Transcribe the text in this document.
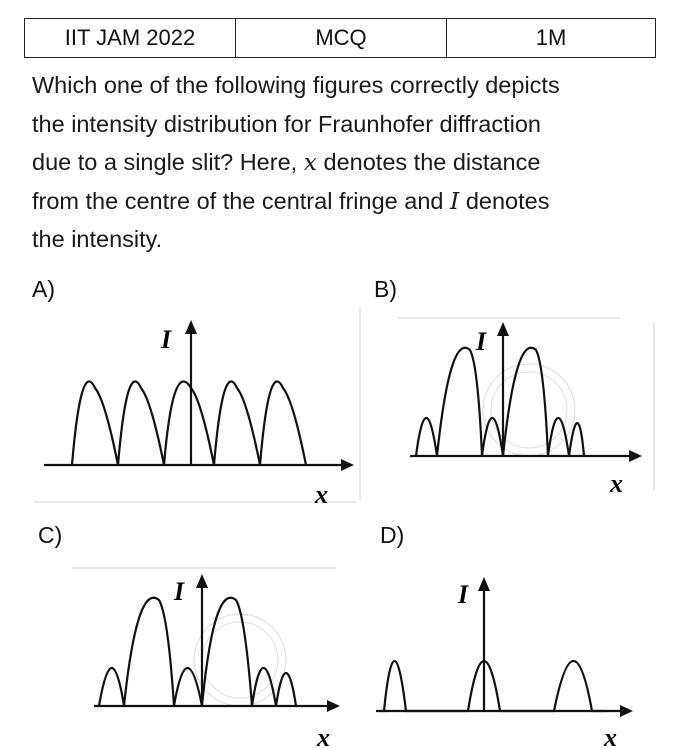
IIT JAM 2022	MCQ	1M
Which one of the following figures correctly depicts
the intensity distribution for Fraunhofer diffraction
due to a single slit? Here, x denotes the distance
from the centre of the central fringe and I denotes
the intensity.
A)	B)
C)	D)
I
x
I
x
I
x
I
x
